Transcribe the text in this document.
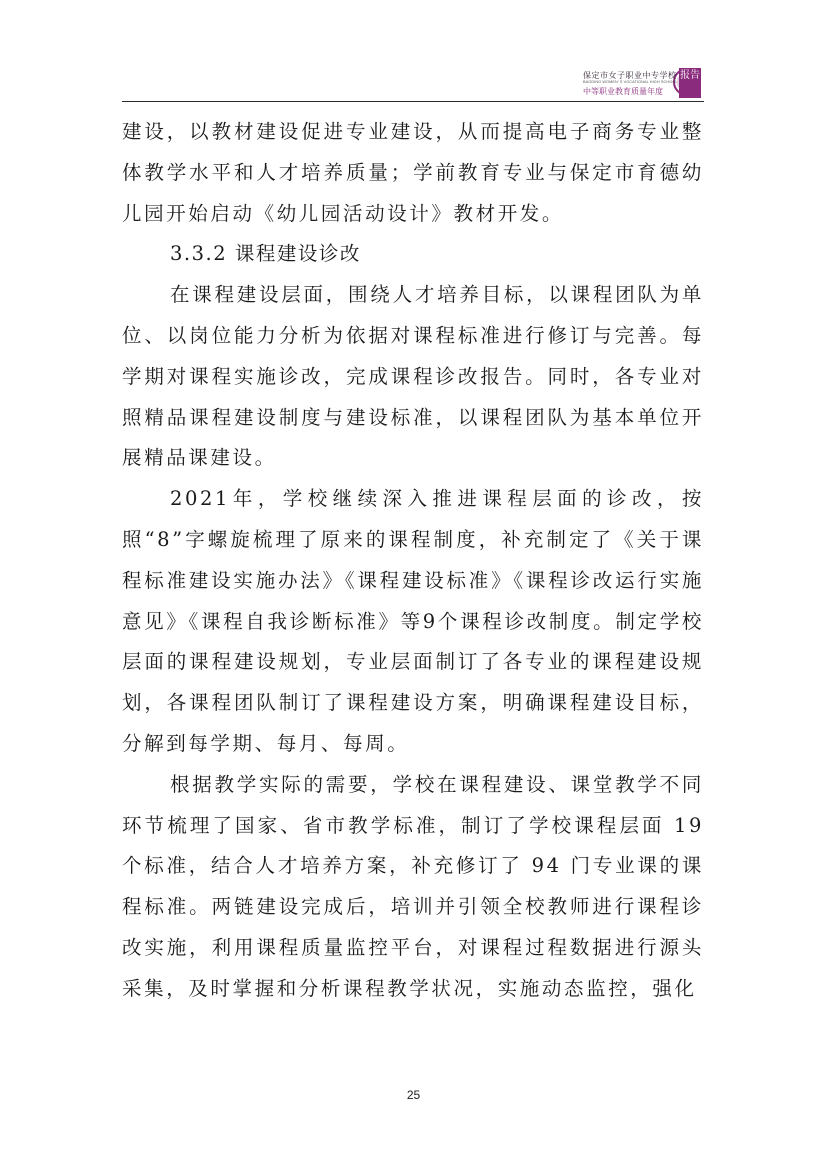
保定市女子职业中专学校
BAODING WOMEN' S VOCATIONAL HIGH SCHOOL
中等职业教育质量年度
报告

建设，以教材建设促进专业建设，从而提高电子商务专业整体教学水平和人才培养质量；学前教育专业与保定市育德幼儿园开始启动《幼儿园活动设计》教材开发。

3.3.2 课程建设诊改

在课程建设层面，围绕人才培养目标，以课程团队为单位、以岗位能力分析为依据对课程标准进行修订与完善。每学期对课程实施诊改，完成课程诊改报告。同时，各专业对照精品课程建设制度与建设标准，以课程团队为基本单位开展精品课建设。

2021年，学校继续深入推进课程层面的诊改，按照“8”字螺旋梳理了原来的课程制度，补充制定了《关于课程标准建设实施办法》《课程建设标准》《课程诊改运行实施意见》《课程自我诊断标准》等9个课程诊改制度。制定学校层面的课程建设规划，专业层面制订了各专业的课程建设规划，各课程团队制订了课程建设方案，明确课程建设目标，分解到每学期、每月、每周。

根据教学实际的需要，学校在课程建设、课堂教学不同环节梳理了国家、省市教学标准，制订了学校课程层面 19个标准，结合人才培养方案，补充修订了 94 门专业课的课程标准。两链建设完成后，培训并引领全校教师进行课程诊改实施，利用课程质量监控平台，对课程过程数据进行源头采集，及时掌握和分析课程教学状况，实施动态监控，强化

25
